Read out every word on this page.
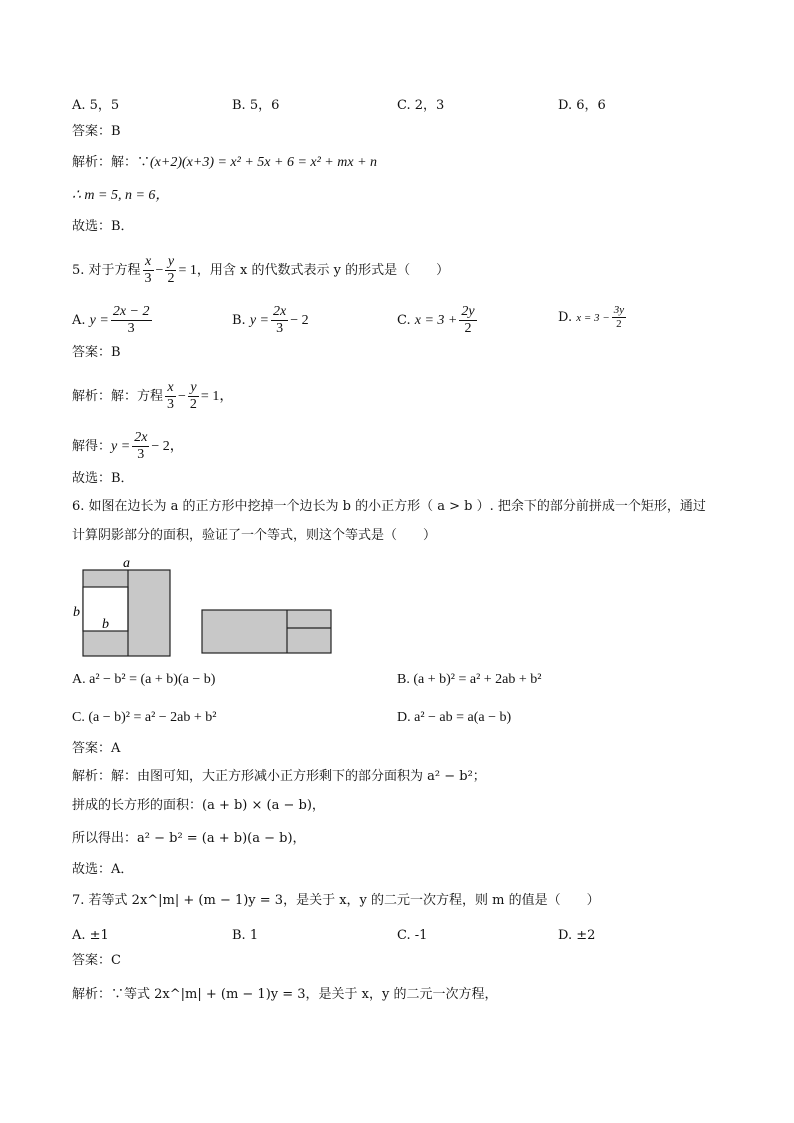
A. 5，5	B. 5，6	C. 2，3	D. 6，6
答案：B
解析：解：∵(x+2)(x+3) = x² + 5x + 6 = x² + mx + n
∴ m = 5, n = 6，
故选：B．
5. 对于方程 $\frac{x}{3} - \frac{y}{2} = 1$，用含 x 的代数式表示 y 的形式是（　　）
A. $y = \frac{2x - 2}{3}$	B. $y = \frac{2x}{3} - 2$	C. $x = 3 + \frac{2y}{2}$	D. $x = 3 - \frac{3y}{2}$
答案：B
解析：解：方程 $\frac{x}{3} - \frac{y}{2} = 1$，
解得：$y = \frac{2x}{3} - 2$，
故选：B．
6. 如图在边长为 a 的正方形中挖掉一个边长为 b 的小正方形（ a > b ）. 把余下的部分前拼成一个矩形，通过
计算阴影部分的面积，验证了一个等式，则这个等式是（　　）
a
b
b
A. a² − b² = (a + b)(a − b)	B. (a + b)² = a² + 2ab + b²
C. (a − b)² = a² − 2ab + b²	D. a² − ab = a(a − b)
答案：A
解析：解：由图可知，大正方形减小正方形剩下的部分面积为 a² − b²；
拼成的长方形的面积：(a + b) × (a − b)，
所以得出：a² − b² = (a + b)(a − b)，
故选：A．
7. 若等式 2x^|m| + (m − 1)y = 3，是关于 x，y 的二元一次方程，则 m 的值是（　　）
A. ±1	B. 1	C. -1	D. ±2
答案：C
解析：∵等式 2x^|m| + (m − 1)y = 3，是关于 x，y 的二元一次方程，
